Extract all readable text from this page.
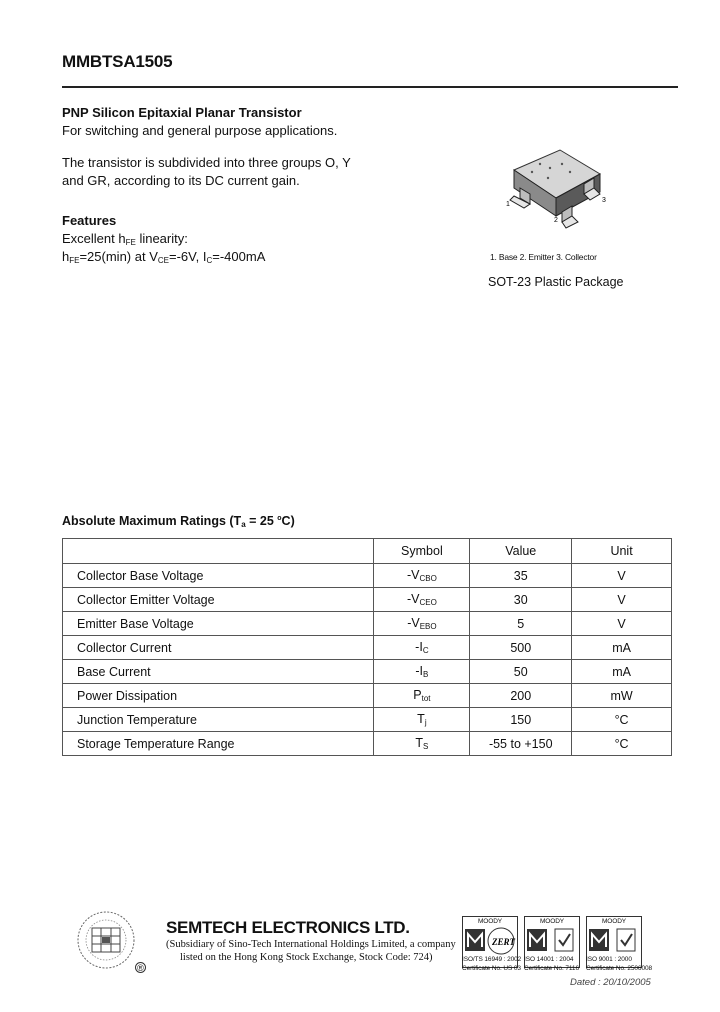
MMBTSA1505
PNP Silicon Epitaxial Planar Transistor
For switching and general purpose applications.
The transistor is subdivided into three groups O, Y
and GR, according to its DC current gain.
Features
Excellent $h_{FE}$ linearity:
$h_{FE}=25(\min)$ at $V_{CE}=-6V$, $I_C=-400mA$
1
2
3
1. Base 2. Emitter 3. Collector
SOT-23 Plastic Package
Absolute Maximum Ratings ($T_a = 25$ $^o$C)
	Symbol	Value	Unit
Collector Base Voltage	$-V_{CBO}$	35	V
Collector Emitter Voltage	$-V_{CEO}$	30	V
Emitter Base Voltage	$-V_{EBO}$	5	V
Collector Current	$-I_C$	500	mA
Base Current	$-I_B$	50	mA
Power Dissipation	$P_{tot}$	200	mW
Junction Temperature	$T_j$	150	°C
Storage Temperature Range	$T_S$	-55 to +150	°C
®
SEMTECH ELECTRONICS LTD.
(Subsidiary of Sino-Tech International Holdings Limited, a company
listed on the Hong Kong Stock Exchange, Stock Code: 724)
MOODY
ZERT
MOODY	MOODY
ISO/TS 16949 : 2002
Certificate No. US 03
ISO 14001 : 2004
Certificate No. 7116
ISO 9001 : 2000
Certificate No. 2506008
Dated : 20/10/2005
